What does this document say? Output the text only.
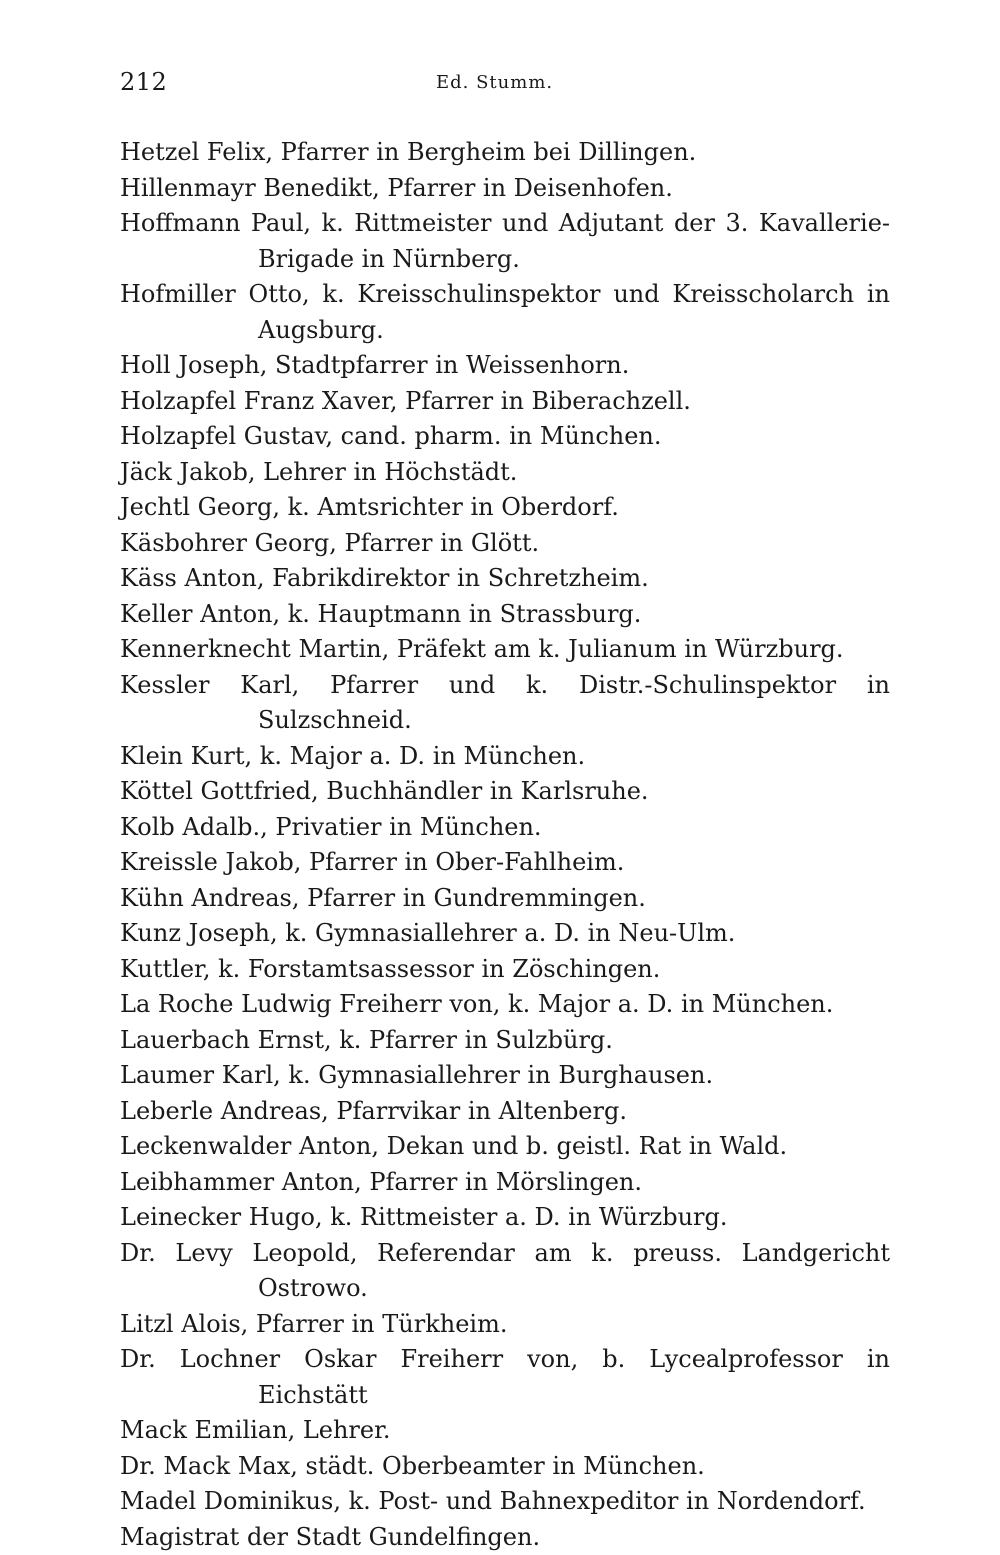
212	Ed. Stumm.
Hetzel Felix, Pfarrer in Bergheim bei Dillingen.
Hillenmayr Benedikt, Pfarrer in Deisenhofen.
Hoffmann Paul, k. Rittmeister und Adjutant der 3. Kavallerie-Brigade in Nürnberg.
Hofmiller Otto, k. Kreisschulinspektor und Kreisscholarch in Augsburg.
Holl Joseph, Stadtpfarrer in Weissenhorn.
Holzapfel Franz Xaver, Pfarrer in Biberachzell.
Holzapfel Gustav, cand. pharm. in München.
Jäck Jakob, Lehrer in Höchstädt.
Jechtl Georg, k. Amtsrichter in Oberdorf.
Käsbohrer Georg, Pfarrer in Glött.
Käss Anton, Fabrikdirektor in Schretzheim.
Keller Anton, k. Hauptmann in Strassburg.
Kennerknecht Martin, Präfekt am k. Julianum in Würzburg.
Kessler Karl, Pfarrer und k. Distr.-Schulinspektor in Sulzschneid.
Klein Kurt, k. Major a. D. in München.
Köttel Gottfried, Buchhändler in Karlsruhe.
Kolb Adalb., Privatier in München.
Kreissle Jakob, Pfarrer in Ober-Fahlheim.
Kühn Andreas, Pfarrer in Gundremmingen.
Kunz Joseph, k. Gymnasiallehrer a. D. in Neu-Ulm.
Kuttler, k. Forstamtsassessor in Zöschingen.
La Roche Ludwig Freiherr von, k. Major a. D. in München.
Lauerbach Ernst, k. Pfarrer in Sulzbürg.
Laumer Karl, k. Gymnasiallehrer in Burghausen.
Leberle Andreas, Pfarrvikar in Altenberg.
Leckenwalder Anton, Dekan und b. geistl. Rat in Wald.
Leibhammer Anton, Pfarrer in Mörslingen.
Leinecker Hugo, k. Rittmeister a. D. in Würzburg.
Dr. Levy Leopold, Referendar am k. preuss. Landgericht Ostrowo.
Litzl Alois, Pfarrer in Türkheim.
Dr. Lochner Oskar Freiherr von, b. Lycealprofessor in Eichstätt
Mack Emilian, Lehrer.
Dr. Mack Max, städt. Oberbeamter in München.
Madel Dominikus, k. Post- und Bahnexpeditor in Nordendorf.
Magistrat der Stadt Gundelfingen.
